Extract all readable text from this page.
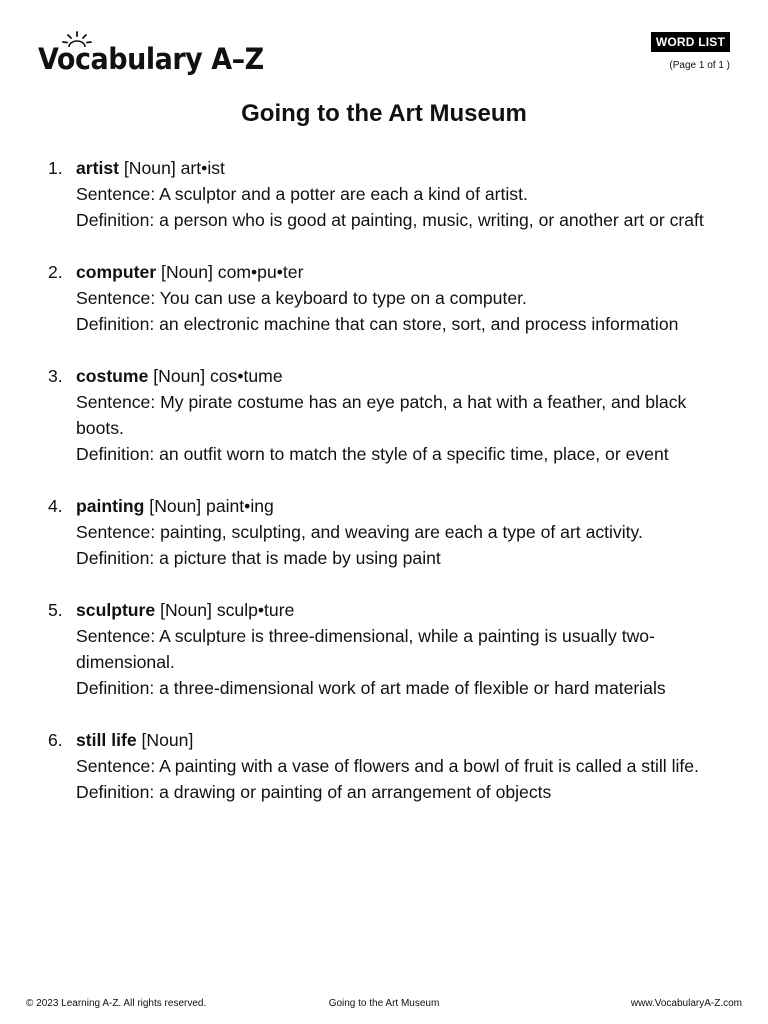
Vocabulary A–Z	WORD LIST
(Page 1 of 1 )
Going to the Art Museum
1. artist [Noun] art•ist
Sentence: A sculptor and a potter are each a kind of artist.
Definition: a person who is good at painting, music, writing, or another art or craft
2. computer [Noun] com•pu•ter
Sentence: You can use a keyboard to type on a computer.
Definition: an electronic machine that can store, sort, and process information
3. costume [Noun] cos•tume
Sentence: My pirate costume has an eye patch, a hat with a feather, and black boots.
Definition: an outfit worn to match the style of a specific time, place, or event
4. painting [Noun] paint•ing
Sentence: painting, sculpting, and weaving are each a type of art activity.
Definition: a picture that is made by using paint
5. sculpture [Noun] sculp•ture
Sentence: A sculpture is three-dimensional, while a painting is usually two-dimensional.
Definition: a three-dimensional work of art made of flexible or hard materials
6. still life [Noun]
Sentence: A painting with a vase of flowers and a bowl of fruit is called a still life.
Definition: a drawing or painting of an arrangement of objects
© 2023 Learning A-Z. All rights reserved.	Going to the Art Museum	www.VocabularyA-Z.com
